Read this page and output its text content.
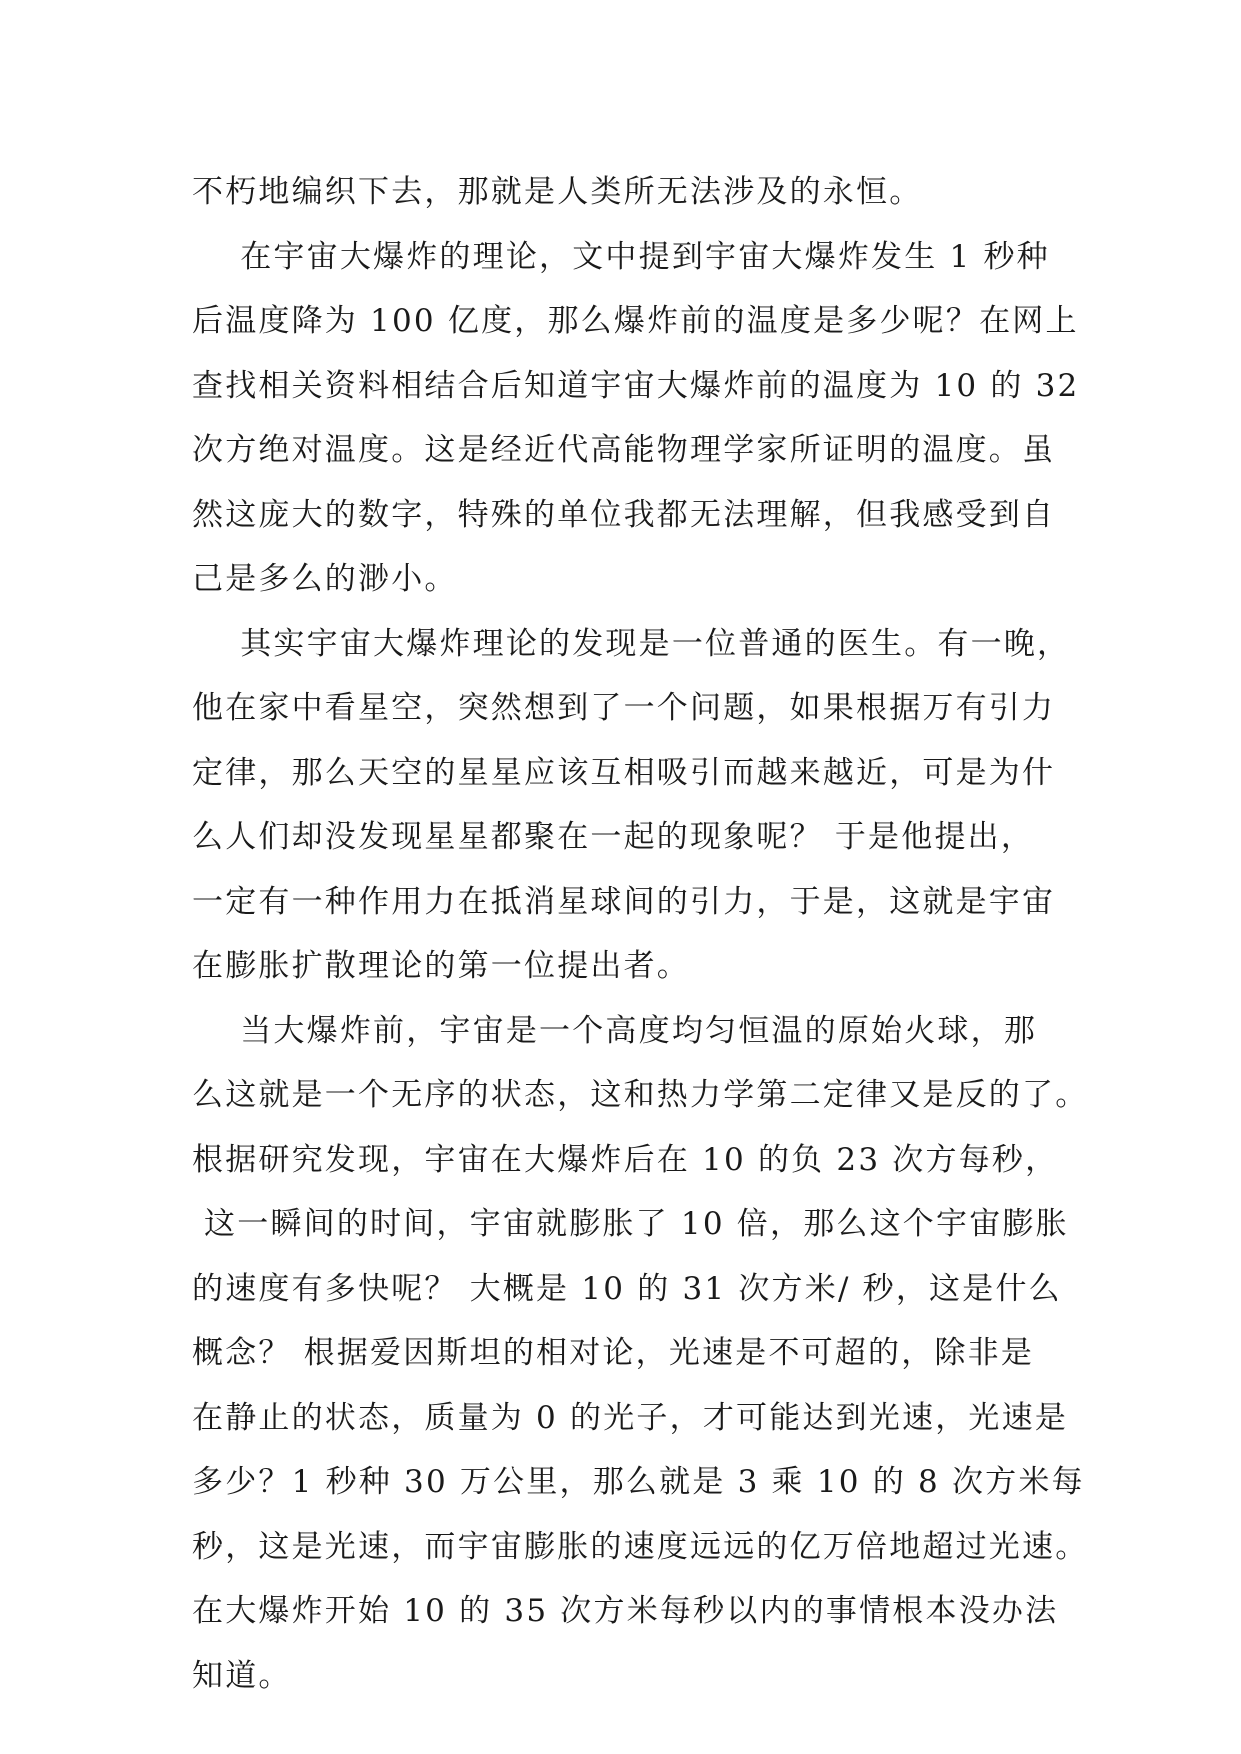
不朽地编织下去，那就是人类所无法涉及的永恒。
在宇宙大爆炸的理论，文中提到宇宙大爆炸发生 1 秒种
后温度降为 100 亿度，那么爆炸前的温度是多少呢？在网上
查找相关资料相结合后知道宇宙大爆炸前的温度为 10 的 32
次方绝对温度。这是经近代高能物理学家所证明的温度。虽
然这庞大的数字，特殊的单位我都无法理解，但我感受到自
己是多么的渺小。
其实宇宙大爆炸理论的发现是一位普通的医生。有一晚，
他在家中看星空，突然想到了一个问题，如果根据万有引力
定律，那么天空的星星应该互相吸引而越来越近，可是为什
么人们却没发现星星都聚在一起的现象呢？ 于是他提出，
一定有一种作用力在抵消星球间的引力，于是，这就是宇宙
在膨胀扩散理论的第一位提出者。
当大爆炸前，宇宙是一个高度均匀恒温的原始火球，那
么这就是一个无序的状态，这和热力学第二定律又是反的了。
根据研究发现，宇宙在大爆炸后在 10 的负 23 次方每秒，
这一瞬间的时间，宇宙就膨胀了 10 倍，那么这个宇宙膨胀
的速度有多快呢？ 大概是 10 的 31 次方米/ 秒，这是什么
概念？ 根据爱因斯坦的相对论，光速是不可超的，除非是
在静止的状态，质量为 0 的光子，才可能达到光速，光速是
多少？1 秒种 30 万公里，那么就是 3 乘 10 的 8 次方米每
秒，这是光速，而宇宙膨胀的速度远远的亿万倍地超过光速。
在大爆炸开始 10 的 35 次方米每秒以内的事情根本没办法
知道。
